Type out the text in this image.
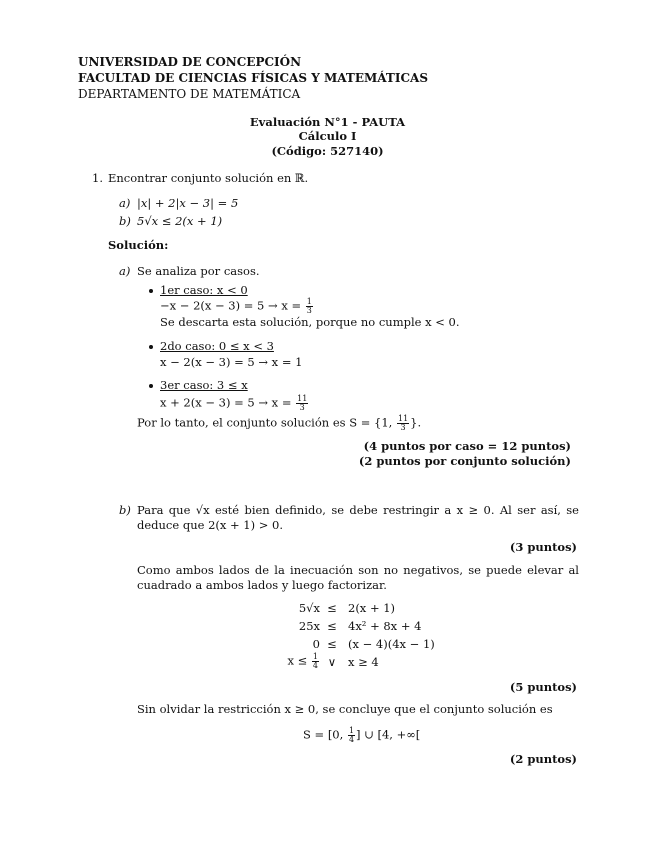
UNIVERSIDAD DE CONCEPCIÓN
FACULTAD DE CIENCIAS FÍSICAS Y MATEMÁTICAS
DEPARTAMENTO DE MATEMÁTICA
Evaluación N°1 - PAUTA
Cálculo I
(Código: 527140)
1. Encontrar conjunto solución en ℝ.
a) |x| + 2|x − 3| = 5
b) 5√x ≤ 2(x + 1)
Solución:
a) Se analiza por casos.
1er caso: x < 0
$-x - 2(x - 3) = 5 \to x = \frac{1}{3}$
Se descarta esta solución, porque no cumple x < 0.
2do caso: 0 ≤ x < 3
x − 2(x − 3) = 5 → x = 1
3er caso: 3 ≤ x
$x + 2(x - 3) = 5 \to x = \frac{11}{3}$
Por lo tanto, el conjunto solución es S = {1, $\frac{11}{3}$ }.
(4 puntos por caso = 12 puntos)
(2 puntos por conjunto solución)
b) Para que √x esté bien definido, se debe restringir a x ≥ 0. Al ser así, se deduce que 2(x + 1) > 0.
(3 puntos)
Como ambos lados de la inecuación son no negativos, se puede elevar al cuadrado a ambos lados y luego factorizar.
5√x ≤ 2(x + 1)
25x ≤ 4x² + 8x + 4
0 ≤ (x − 4)(4x − 1)
$x \le \frac{1}{4}$ ∨ x ≥ 4
(5 puntos)
Sin olvidar la restricción x ≥ 0, se concluye que el conjunto solución es
S = [0, $\frac{1}{4}$ ] ∪ [4, +∞[
(2 puntos)
